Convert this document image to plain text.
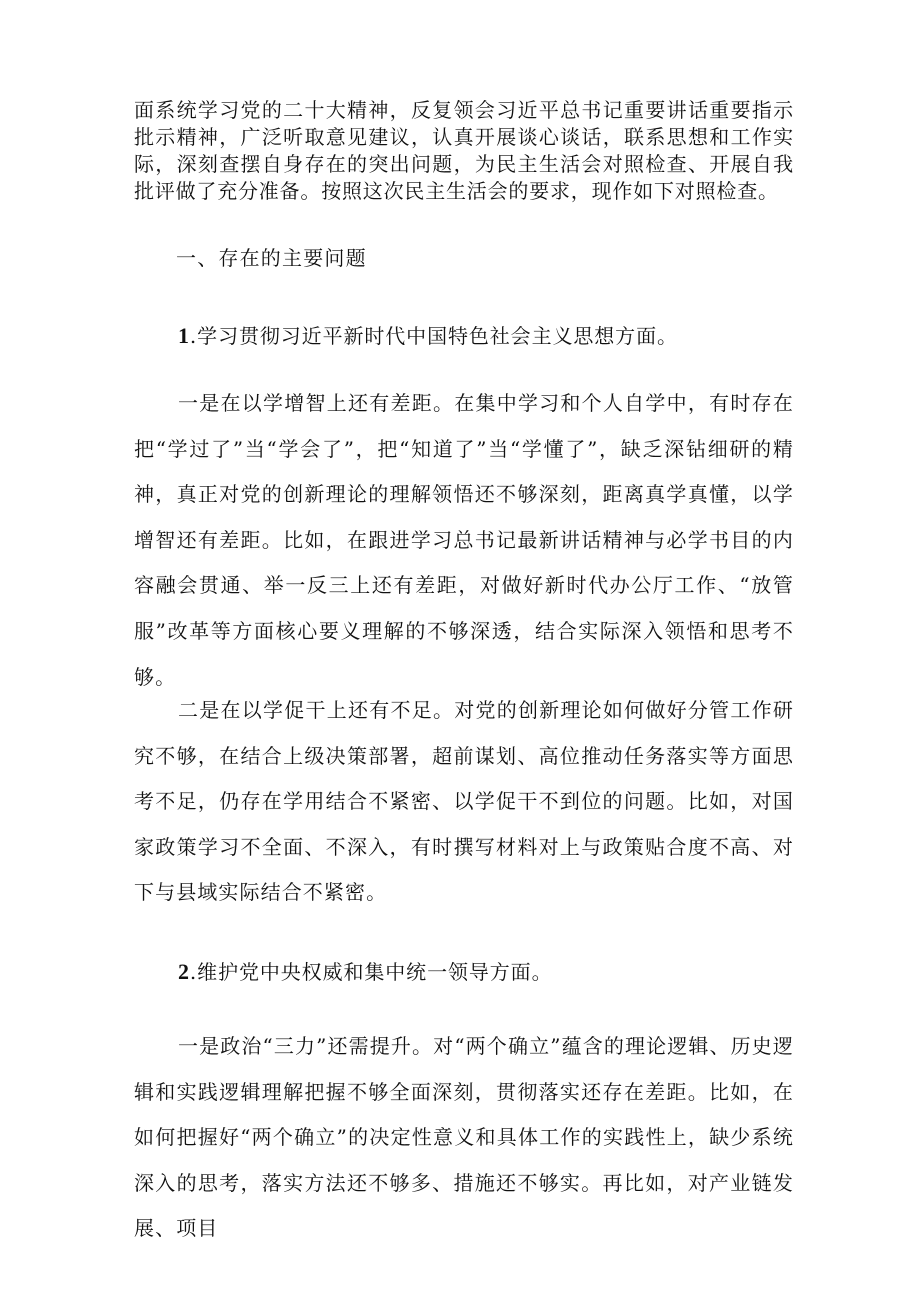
面系统学习党的二十大精神，反复领会习近平总书记重要讲话重要指示批示精神，广泛听取意见建议，认真开展谈心谈话，联系思想和工作实际，深刻查摆自身存在的突出问题，为民主生活会对照检查、开展自我批评做了充分准备。按照这次民主生活会的要求，现作如下对照检查。

一、存在的主要问题

1.学习贯彻习近平新时代中国特色社会主义思想方面。

一是在以学增智上还有差距。在集中学习和个人自学中，有时存在把“学过了”当“学会了”，把“知道了”当“学懂了”，缺乏深钻细研的精神，真正对党的创新理论的理解领悟还不够深刻，距离真学真懂，以学增智还有差距。比如，在跟进学习总书记最新讲话精神与必学书目的内容融会贯通、举一反三上还有差距，对做好新时代办公厅工作、“放管服”改革等方面核心要义理解的不够深透，结合实际深入领悟和思考不够。

二是在以学促干上还有不足。对党的创新理论如何做好分管工作研究不够，在结合上级决策部署，超前谋划、高位推动任务落实等方面思考不足，仍存在学用结合不紧密、以学促干不到位的问题。比如，对国家政策学习不全面、不深入，有时撰写材料对上与政策贴合度不高、对下与县域实际结合不紧密。

2.维护党中央权威和集中统一领导方面。

一是政治“三力”还需提升。对“两个确立”蕴含的理论逻辑、历史逻辑和实践逻辑理解把握不够全面深刻，贯彻落实还存在差距。比如，在如何把握好“两个确立”的决定性意义和具体工作的实践性上，缺少系统深入的思考，落实方法还不够多、措施还不够实。再比如，对产业链发展、项目
